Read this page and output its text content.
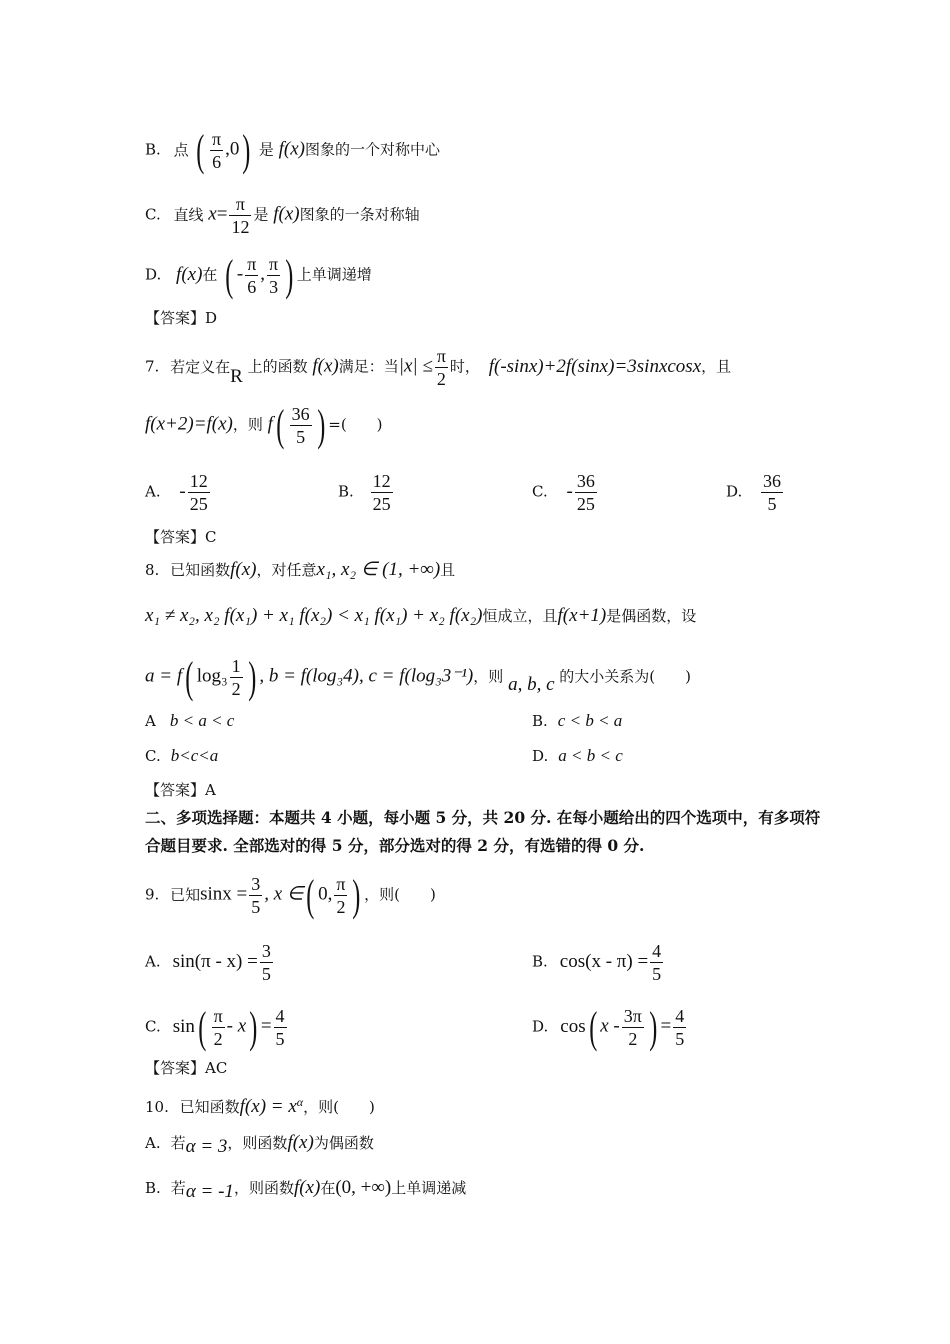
B. 点 ( $\frac{\pi}{6} ,0$) 是 f(x)图象的一个对称中心
C. 直线 $x= \frac{\pi}{12}$ 是 f(x)图象的一条对称轴
D. f(x)在 ( - $\frac{\pi}{6}$ , $\frac{\pi}{3}$ ) 上单调递增
【答案】D
7. 若定义在R 上的函数 f(x)满足：当$|x| \le \frac{\pi}{2}$ 时， f(-sinx)+2f(sinx)=3sinxcosx，且
f(x+2)=f(x)，则 $f( \frac{36}{5}$ ) =(　　)
A. - $\frac{12}{25}$	B. $\frac{12}{25}$	C. - $\frac{36}{25}$	D. $\frac{36}{5}$
【答案】C
8. 已知函数f(x)，对任意x₁, x₂ ∈ (1, +∞)且
x₁ ≠ x₂, x₂ f(x₁) + x₁ f(x₂) < x₁ f(x₁) + x₂ f(x₂)恒成立，且f(x+1)是偶函数，设
a = f( $\log_3 \frac{1}{2}$ ) , b = f(log₃4), c = f(log₃3⁻¹)，则 a, b, c 的大小关系为(　　)
A b < a < c	B. c < b < a
C. b<c<a	D. a < b < c
【答案】A
二、多项选择题：本题共 4 小题，每小题 5 分，共 20 分. 在每小题给出的四个选项中，有多项符
合题目要求. 全部选对的得 5 分，部分选对的得 2 分，有选错的得 0 分.
9. 已知$\sin x = \frac{3}{5}$ , x ∈( 0, $\frac{\pi}{2}$ ) ，则(　　)
A. $\sin(\pi - x) = \frac{3}{5}$	B. $\cos(x - \pi) = \frac{4}{5}$
C. $\sin( \frac{\pi}{2} - x) = \frac{4}{5}$	D. cos( x - $\frac{3\pi}{2}$ ) = $\frac{4}{5}$
【答案】AC
10. 已知函数$f(x) = x^\alpha$，则(　　)
A. 若α = 3，则函数f(x)为偶函数
B. 若α = -1，则函数f(x)在(0, +∞)上单调递减
